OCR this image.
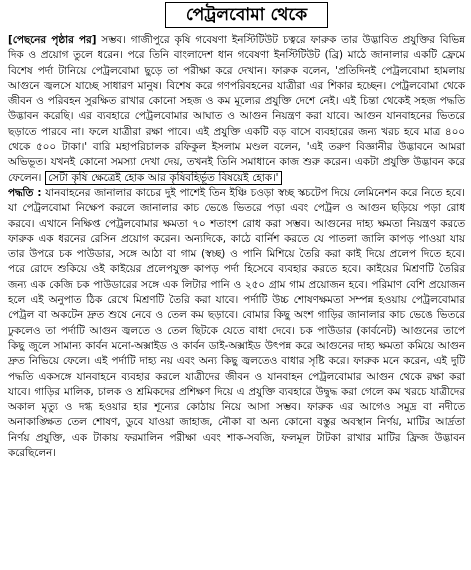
পেট্রলবোমা থেকে

[পেছনের পৃষ্ঠার পর] সম্ভব। গাজীপুরে কৃষি গবেষণা ইনস্টিটিউট চত্বরে ফারুক তার উদ্ভাবিত প্রযুক্তির বিভিন্ন দিক ও প্রয়োগ তুলে ধরেন। পরে তিনি বাংলাদেশ ধান গবেষণা ইনস্টিটিউট (ব্রি) মাঠে জানালার একটি ফ্রেমে বিশেষ পর্দা টানিয়ে পেট্রলবোমা ছুড়ে তা পরীক্ষা করে দেখান। ফারুক বলেন, 'প্রতিদিনই পেট্রলবোমা হামলায় আগুনে জ্বলসে যাচ্ছে সাধারণ মানুষ। বিশেষ করে গণপরিবহনের যাত্রীরা এর শিকার হচ্ছেন। পেট্রলবোমা থেকে জীবন ও পরিবহন সুরক্ষিত রাখার কোনো সহজ ও কম মূল্যের প্রযুক্তি দেশে নেই। এই চিন্তা থেকেই সহজ পদ্ধতি উদ্ভাবন করেছি। এর ব্যবহারে পেট্রলবোমার আঘাত ও আগুন নিয়ন্ত্রণ করা যাবে। আগুন যানবাহনের ভিতরে ছড়াতে পারবে না। ফলে যাত্রীরা রক্ষা পাবে। এই প্রযুক্তি একটি বড় বাসে ব্যবহারের জন্য খরচ হবে মাত্র ৪০০ থেকে ৫০০ টাকা।' বারি মহাপরিচালক রফিকুল ইসলাম মণ্ডল বলেন, 'এই তরুণ বিজ্ঞানীর উদ্ভাবনে আমরা অভিভূত। যখনই কোনো সমস্যা দেখা দেয়, তখনই তিনি সমাধানে কাজ শুরু করেন। একটা প্রযুক্তি উদ্ভাবন করে ফেলেন। সেটা কৃষি ক্ষেত্রেই হোক আর কৃষিবহির্ভূত বিষয়েই হোক।'

পদ্ধতি : যানবাহনের জানালার কাচের দুই পাশেই তিন ইঞ্চি চওড়া স্বচ্ছ স্কচটেপ দিয়ে লেমিনেশন করে নিতে হবে। যা পেট্রলবোমা নিক্ষেপ করলে জানালার কাচ ভেঙে ভিতরে পড়া এবং পেট্রল ও আগুন ছড়িয়ে পড়া রোধ করবে। এখানে নিক্ষিপ্ত পেট্রলবোমার ক্ষমতা ৭০ শতাংশ রোধ করা সম্ভব। আগুনের দাহ্য ক্ষমতা নিয়ন্ত্রণ করতে ফারুক এক ধরনের রেসিন প্রয়োগ করেন। অন্যদিকে, কাঠে বার্নিশ করতে যে পাতলা জালি কাপড় পাওয়া যায় তার উপরে চক পাউডার, সঙ্গে আঠা বা গাম (স্বচ্ছ) ও পানি মিশিয়ে তৈরি করা কাই দিয়ে প্রলেপ দিতে হবে। পরে রোদে শুকিয়ে ওই কাইয়ের প্রলেপযুক্ত কাপড় পর্দা হিসেবে ব্যবহার করতে হবে। কাইয়ের মিশ্রণটি তৈরির জন্য এক কেজি চক পাউডারের সঙ্গে এক লিটার পানি ও ২৫০ গ্রাম গাম প্রয়োজন হবে। পরিমাণ বেশি প্রয়োজন হলে এই অনুপাত ঠিক রেখে মিশ্রণটি তৈরি করা যাবে। পর্দাটি উচ্চ শোষণক্ষমতা সম্পন্ন হওয়ায় পেট্রলবোমার পেট্রল বা অকটেন দ্রুত শুষে নেবে ও তেল কম ছড়াবে। বোমার কিছু অংশ গাড়ির জানালার কাচ ভেঙে ভিতরে ঢুকলেও তা পর্দাটি আগুন জ্বলতে ও তেল ছিটকে যেতে বাধা দেবে। চক পাউডার (কার্বনেট) আগুনের তাপে কিছু জুলে সামান্য কার্বন মনো-অক্সাইড ও কার্বন ডাই-অক্সাইড উৎপন্ন করে আগুনের দাহ্য ক্ষমতা কমিয়ে আগুন দ্রুত নিভিয়ে ফেলে। এই পর্দাটি দাহ্য নয় এবং অন্য কিছু জ্বলতেও বাধার সৃষ্টি করে। ফারুক মনে করেন, এই দুটি পদ্ধতি একসঙ্গে যানবাহনে ব্যবহার করলে যাত্রীদের জীবন ও যানবাহন পেট্রলবোমার আগুন থেকে রক্ষা করা যাবে। গাড়ির মালিক, চালক ও শ্রমিকদের প্রশিক্ষণ দিয়ে এ প্রযুক্তি ব্যবহারে উদ্বুদ্ধ করা গেলে কম খরচে যাত্রীদের অকাল মৃত্যু ও দগ্ধ হওয়ার হার শূন্যের কোঠায় নিয়ে আসা সম্ভব। ফারুক এর আগেও সমুদ্র বা নদীতে অনাকাঙ্ক্ষিত তেল শোষণ, ডুবে যাওয়া জাহাজ, নৌকা বা অন্য কোনো বস্তুর অবস্থান নির্ণয়, মাটির আর্দ্রতা নির্ণয় প্রযুক্তি, এক টাকায় ফরমালিন পরীক্ষা এবং শাক-সবজি, ফলমূল টাটকা রাখার মাটির ফ্রিজ উদ্ভাবন করেছিলেন।
